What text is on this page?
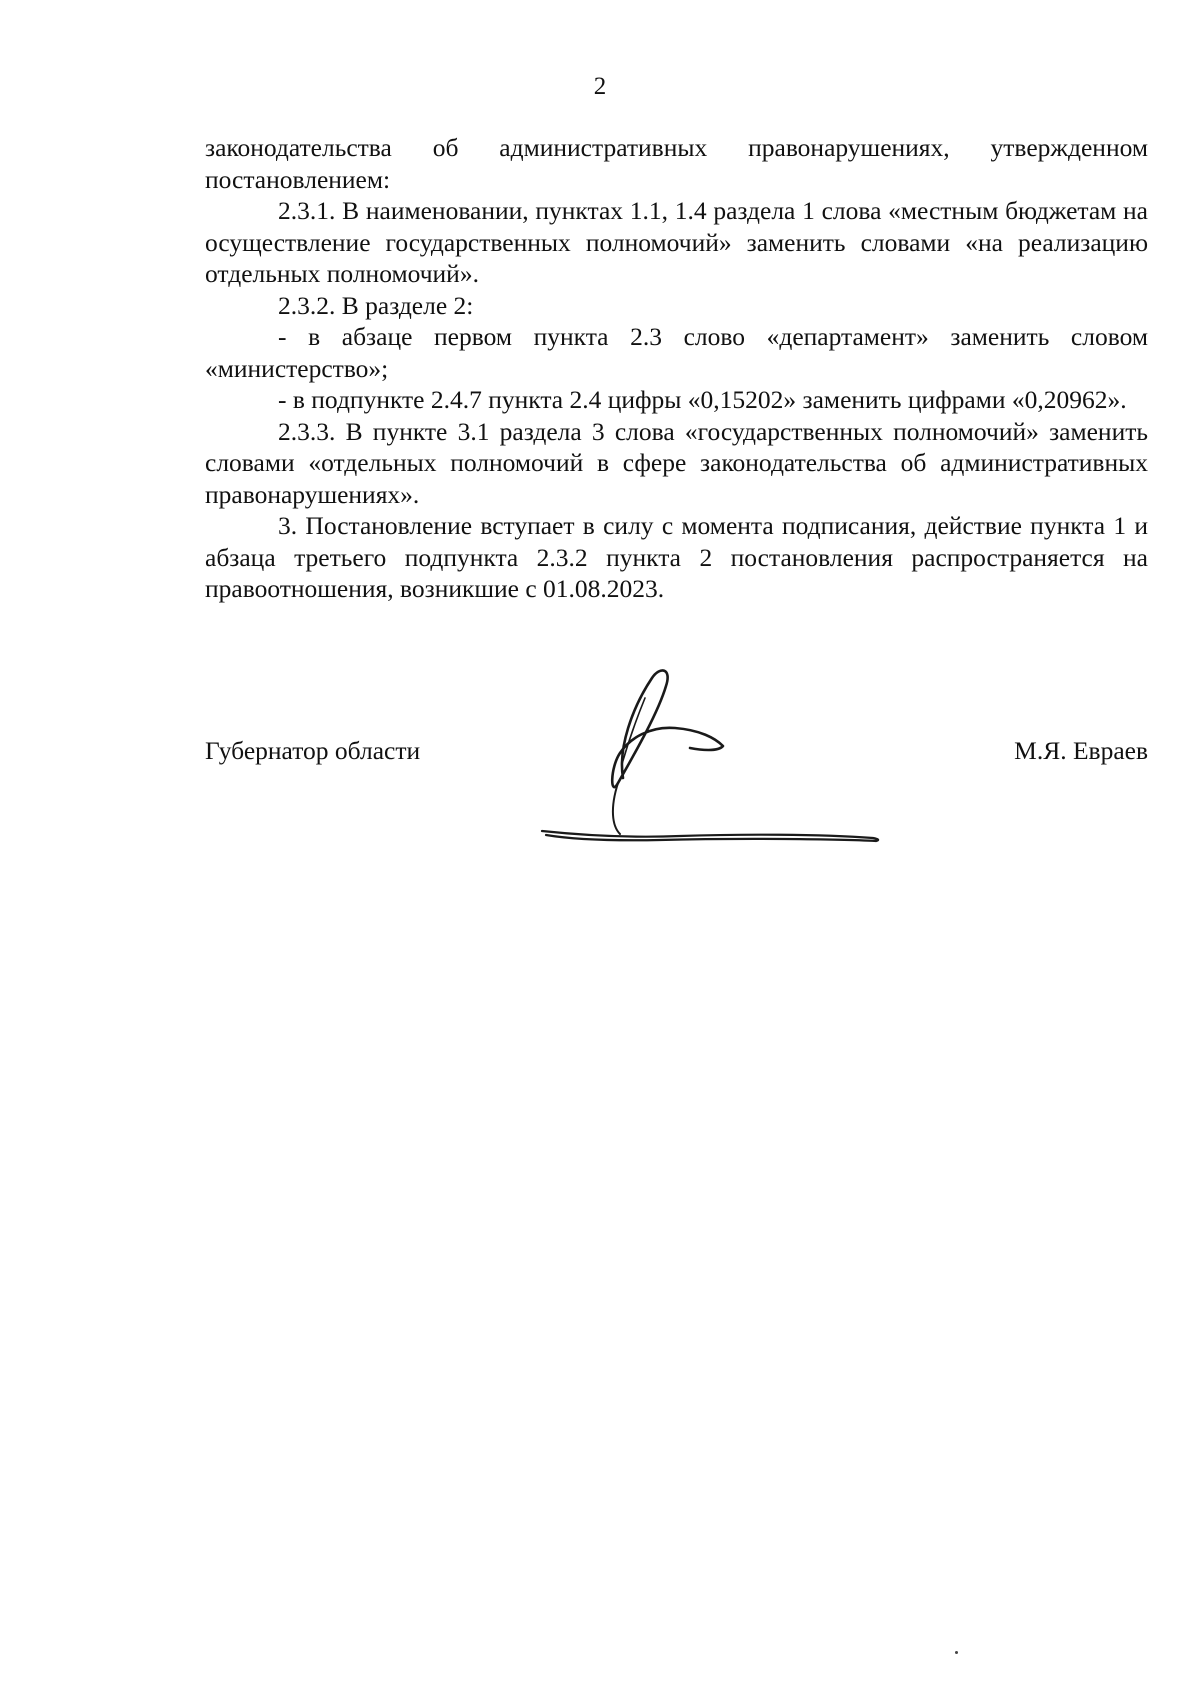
2

законодательства об административных правонарушениях, утвержденном постановлением:

2.3.1. В наименовании, пунктах 1.1, 1.4 раздела 1 слова «местным бюджетам на осуществление государственных полномочий» заменить словами «на реализацию отдельных полномочий».

2.3.2. В разделе 2:

- в абзаце первом пункта 2.3 слово «департамент» заменить словом «министерство»;

- в подпункте 2.4.7 пункта 2.4 цифры «0,15202» заменить цифрами «0,20962».

2.3.3. В пункте 3.1 раздела 3 слова «государственных полномочий» заменить словами «отдельных полномочий в сфере законодательства об административных правонарушениях».

3. Постановление вступает в силу с момента подписания, действие пункта 1 и абзаца третьего подпункта 2.3.2 пункта 2 постановления распространяется на правоотношения, возникшие с 01.08.2023.

Губернатор области	М.Я. Евраев
